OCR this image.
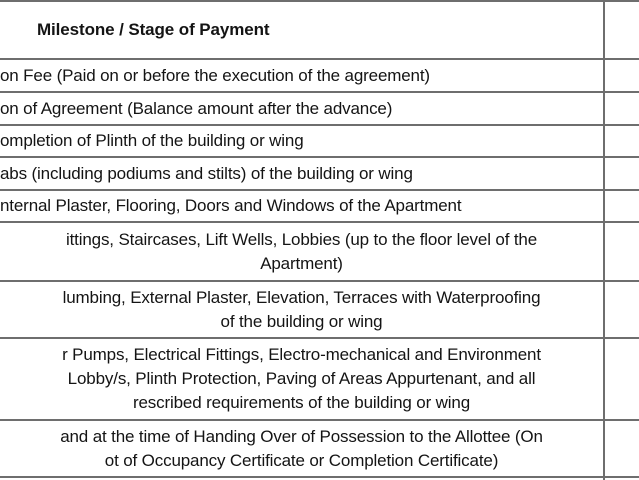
Milestone / Stage of Payment
on Fee (Paid on or before the execution of the agreement)
on of Agreement (Balance amount after the advance)
ompletion of Plinth of the building or wing
abs (including podiums and stilts) of the building or wing
nternal Plaster, Flooring, Doors and Windows of the Apartment
ittings, Staircases, Lift Wells, Lobbies (up to the floor level of the
Apartment)
lumbing, External Plaster, Elevation, Terraces with Waterproofing
of the building or wing
r Pumps, Electrical Fittings, Electro-mechanical and Environment
Lobby/s, Plinth Protection, Paving of Areas Appurtenant, and all
rescribed requirements of the building or wing
and at the time of Handing Over of Possession to the Allottee (On
ot of Occupancy Certificate or Completion Certificate)
